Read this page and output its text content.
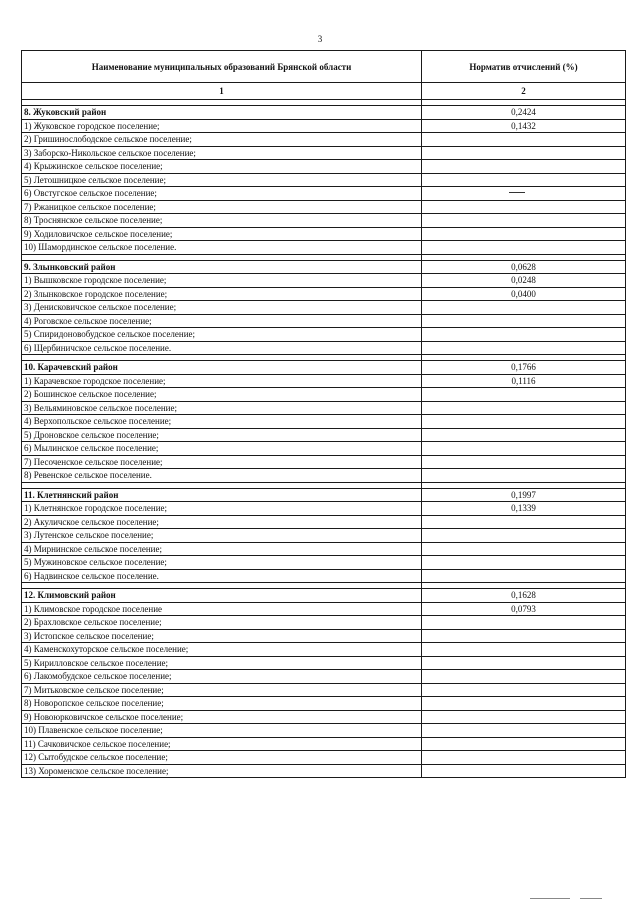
3
Наименование муниципальных образований Брянской области	Норматив отчислений (%)
1	2

8. Жуковский район	0,2424
1) Жуковское городское поселение;	0,1432
2) Гришинослободское сельское поселение;	
3) Заборско-Никольское сельское поселение;	
4) Крыжинское сельское поселение;	
5) Летошницкое сельское поселение;	
6) Овстугское сельское поселение;	
7) Ржаницкое сельское поселение;	
8) Троснянское сельское поселение;	
9) Ходиловичское сельское поселение;	
10) Шамординское сельское поселение.	

9. Злынковский район	0,0628
1) Вышковское городское поселение;	0,0248
2) Злынковское городское поселение;	0,0400
3) Денисковичское сельское поселение;	
4) Роговское сельское поселение;	
5) Спиридоновобудское сельское поселение;	
6) Щербиничское сельское поселение.	

10. Карачевский район	0,1766
1) Карачевское городское поселение;	0,1116
2) Бошинское сельское поселение;	
3) Вельяминовское сельское поселение;	
4) Верхопольское сельское поселение;	
5) Дроновское сельское поселение;	
6) Мылинское сельское поселение;	
7) Песоченское сельское поселение;	
8) Ревенское сельское поселение.	

11. Клетнянский район	0,1997
1) Клетнянское городское поселение;	0,1339
2) Акуличское сельское поселение;	
3) Лутенское сельское поселение;	
4) Мирнинское сельское поселение;	
5) Мужиновское сельское поселение;	
6) Надвинское сельское поселение.	

12. Климовский район	0,1628
1) Климовское городское поселение	0,0793
2) Брахловское сельское поселение;	
3) Истопское сельское поселение;	
4) Каменскохуторское сельское поселение;	
5) Кирилловское сельское поселение;	
6) Лакомобудское сельское поселение;	
7) Митьковское сельское поселение;	
8) Новоропское сельское поселение;	
9) Новоюрковичское сельское поселение;	
10) Плавенское сельское поселение;	
11) Сачковичское сельское поселение;	
12) Сытобудское сельское поселение;	
13) Хороменское сельское поселение;	
